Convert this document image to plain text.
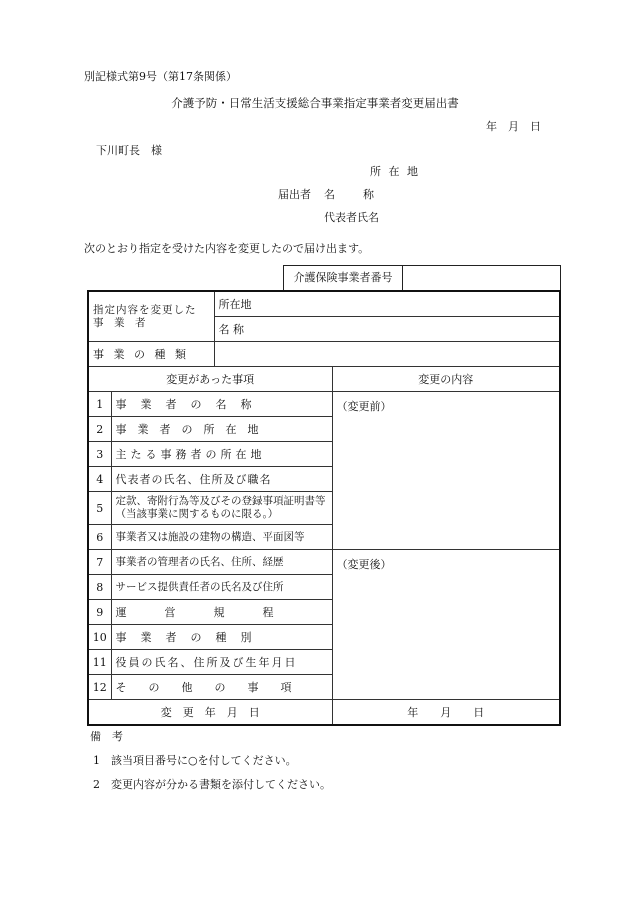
別記様式第9号（第17条関係）
介護予防・日常生活支援総合事業指定事業者変更届出書
年　月　日
下川町長　様
所 在 地
届出者	名　　称
代表者氏名
次のとおり指定を受けた内容を変更したので届け出ます。
介護保険事業者番号
指定内容を変更した
事　業　者		所在地	
		名 称	
事 業 の 種 類			
変更があった事項			変更の内容
1	事業者の名称		（変更前）
2	事業者の所在地		
3	主たる事務者の所在地		
4	代表者の氏名、住所及び職名		
5	定款、寄附行為等及びその登録事項証明書等（当該事業に関するものに限る。）		
6	事業者又は施設の建物の構造、平面図等		
7	事業者の管理者の氏名、住所、経歴		（変更後）
8	サービス提供責任者の氏名及び住所		
9	運営規程		
10	事業者の種別		
11	役員の氏名、住所及び生年月日		
12	その他の事項		
変　更　年　月　日			年　　月　　日
備　考
1　該当項目番号に○を付してください。
2　変更内容が分かる書類を添付してください。
